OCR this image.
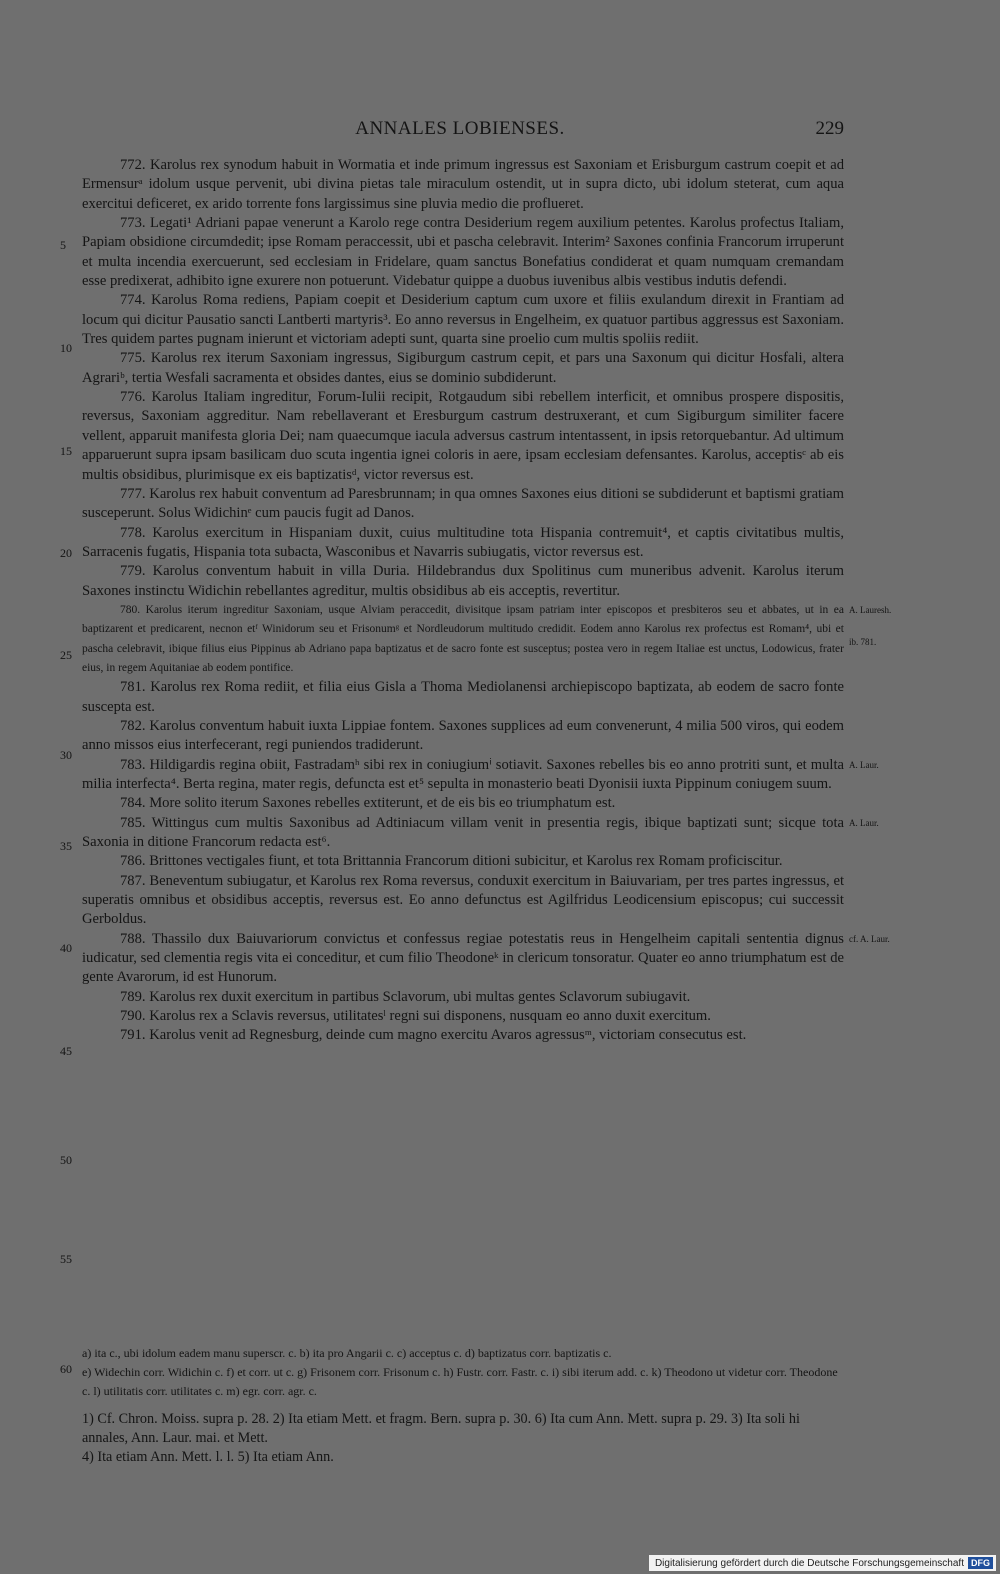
ANNALES LOBIENSES.	229
5
10
15
20
25
30
35
40
45
50
55
60

772. Karolus rex synodum habuit in Wormatia et inde primum ingressus est Saxoniam et Erisburgum castrum coepit et ad Ermensurᵃ idolum usque pervenit, ubi divina pietas tale miraculum ostendit, ut in supra dicto, ubi idolum steterat, cum aqua exercitui deficeret, ex arido torrente fons largissimus sine pluvia medio die proflueret.

773. Legati¹ Adriani papae venerunt a Karolo rege contra Desiderium regem auxilium petentes. Karolus profectus Italiam, Papiam obsidione circumdedit; ipse Romam peraccessit, ubi et pascha celebravit. Interim² Saxones confinia Francorum irruperunt et multa incendia exercuerunt, sed ecclesiam in Fridelare, quam sanctus Bonefatius condiderat et quam numquam cremandam esse predixerat, adhibito igne exurere non potuerunt. Videbatur quippe a duobus iuvenibus albis vestibus indutis defendi.

774. Karolus Roma rediens, Papiam coepit et Desiderium captum cum uxore et filiis exulandum direxit in Frantiam ad locum qui dicitur Pausatio sancti Lantberti martyris³. Eo anno reversus in Engelheim, ex quatuor partibus aggressus est Saxoniam. Tres quidem partes pugnam inierunt et victoriam adepti sunt, quarta sine proelio cum multis spoliis rediit.

775. Karolus rex iterum Saxoniam ingressus, Sigiburgum castrum cepit, et pars una Saxonum qui dicitur Hosfali, altera Agrariᵇ, tertia Wesfali sacramenta et obsides dantes, eius se dominio subdiderunt.

776. Karolus Italiam ingreditur, Forum-Iulii recipit, Rotgaudum sibi rebellem interficit, et omnibus prospere dispositis, reversus, Saxoniam aggreditur. Nam rebellaverant et Eresburgum castrum destruxerant, et cum Sigiburgum similiter facere vellent, apparuit manifesta gloria Dei; nam quaecumque iacula adversus castrum intentassent, in ipsis retorquebantur. Ad ultimum apparuerunt supra ipsam basilicam duo scuta ingentia ignei coloris in aere, ipsam ecclesiam defensantes. Karolus, acceptisᶜ ab eis multis obsidibus, plurimisque ex eis baptizatisᵈ, victor reversus est.

777. Karolus rex habuit conventum ad Paresbrunnam; in qua omnes Saxones eius ditioni se subdiderunt et baptismi gratiam susceperunt. Solus Widichinᵉ cum paucis fugit ad Danos.

778. Karolus exercitum in Hispaniam duxit, cuius multitudine tota Hispania contremuit⁴, et captis civitatibus multis, Sarracenis fugatis, Hispania tota subacta, Wasconibus et Navarris subiugatis, victor reversus est.

779. Karolus conventum habuit in villa Duria. Hildebrandus dux Spolitinus cum muneribus advenit. Karolus iterum Saxones instinctu Widichin rebellantes agreditur, multis obsidibus ab eis acceptis, revertitur.

A. Lauresh.
ib. 781.

780. Karolus iterum ingreditur Saxoniam, usque Alviam peraccedit, divisitque ipsam patriam inter episcopos et presbiteros seu et abbates, ut in ea baptizarent et predicarent, necnon etᶠ Winidorum seu et Frisonumᵍ et Nordleudorum multitudo credidit. Eodem anno Karolus rex profectus est Romam⁴, ubi et pascha celebravit, ibique filius eius Pippinus ab Adriano papa baptizatus et de sacro fonte est susceptus; postea vero in regem Italiae est unctus, Lodowicus, frater eius, in regem Aquitaniae ab eodem pontifice.

781. Karolus rex Roma rediit, et filia eius Gisla a Thoma Mediolanensi archiepiscopo baptizata, ab eodem de sacro fonte suscepta est.

782. Karolus conventum habuit iuxta Lippiae fontem. Saxones supplices ad eum convenerunt, 4 milia 500 viros, qui eodem anno missos eius interfecerant, regi puniendos tradiderunt.

A. Laur.

783. Hildigardis regina obiit, Fastradamʰ sibi rex in coniugiumⁱ sotiavit. Saxones rebelles bis eo anno protriti sunt, et multa milia interfecta⁴. Berta regina, mater regis, defuncta est et⁵ sepulta in monasterio beati Dyonisii iuxta Pippinum coniugem suum.

784. More solito iterum Saxones rebelles extiterunt, et de eis bis eo triumphatum est.

A. Laur.

785. Wittingus cum multis Saxonibus ad Adtiniacum villam venit in presentia regis, ibique baptizati sunt; sicque tota Saxonia in ditione Francorum redacta est⁶.

786. Brittones vectigales fiunt, et tota Brittannia Francorum ditioni subicitur, et Karolus rex Romam proficiscitur.

787. Beneventum subiugatur, et Karolus rex Roma reversus, conduxit exercitum in Baiuvariam, per tres partes ingressus, et superatis omnibus et obsidibus acceptis, reversus est. Eo anno defunctus est Agilfridus Leodicensium episcopus; cui successit Gerboldus.

cf. A. Laur.

788. Thassilo dux Baiuvariorum convictus et confessus regiae potestatis reus in Hengelheim capitali sententia dignus iudicatur, sed clementia regis vita ei conceditur, et cum filio Theodoneᵏ in clericum tonsoratur. Quater eo anno triumphatum est de gente Avarorum, id est Hunorum.

789. Karolus rex duxit exercitum in partibus Sclavorum, ubi multas gentes Sclavorum subiugavit.

790. Karolus rex a Sclavis reversus, utilitatesˡ regni sui disponens, nusquam eo anno duxit exercitum.

791. Karolus venit ad Regnesburg, deinde cum magno exercitu Avaros agressusᵐ, victoriam consecutus est.

a) ita c., ubi idolum eadem manu superscr. c. b) ita pro Angarii c. c) acceptus c. d) baptizatus corr. baptizatis c.

e) Widechin corr. Widichin c. f) et corr. ut c. g) Frisonem corr. Frisonum c. h) Fustr. corr. Fastr. c. i) sibi iterum add. c. k) Theodono ut videtur corr. Theodone c. l) utilitatis corr. utilitates c. m) egr. corr. agr. c.

1) Cf. Chron. Moiss. supra p. 28. 2) Ita etiam Mett. et fragm. Bern. supra p. 30. 6) Ita cum Ann. Mett. supra p. 29. 3) Ita soli hi annales, Ann. Laur. mai. et Mett.

4) Ita etiam Ann. Mett. l. l. 5) Ita etiam Ann.

Digitalisierung gefördert durch die Deutsche Forschungsgemeinschaft DFG
